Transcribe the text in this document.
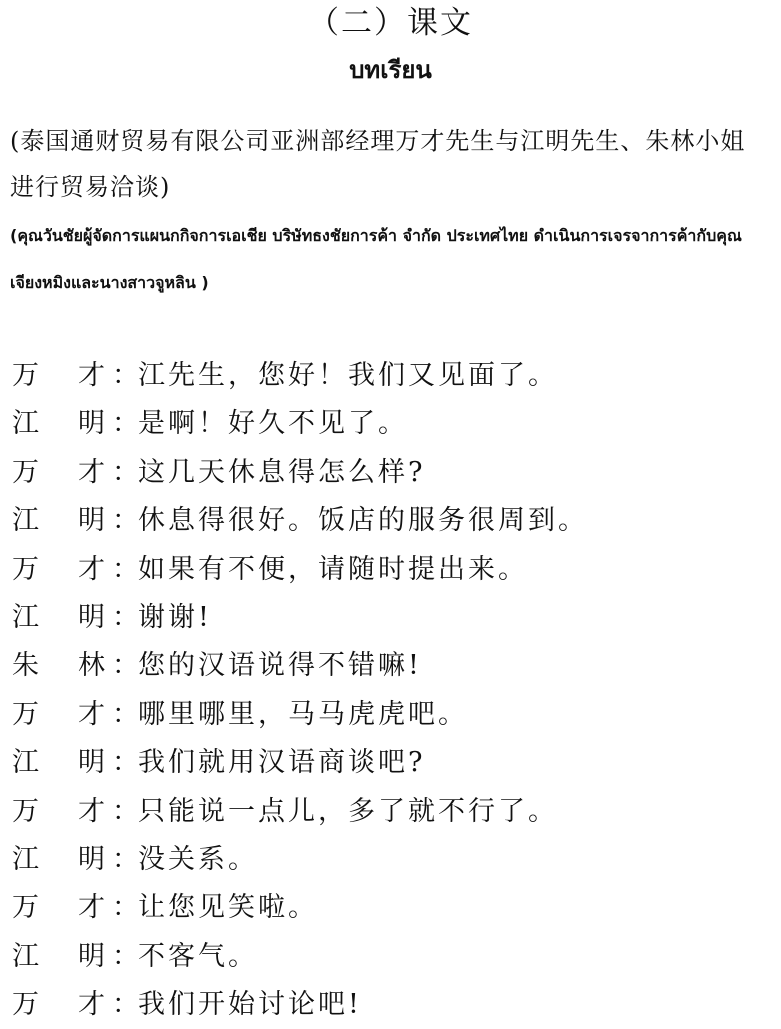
（二）课文
บทเรียน
(泰国通财贸易有限公司亚洲部经理万才先生与江明先生、朱林小姐进行贸易洽谈)
(คุณวันชัยผู้จัดการแผนกกิจการเอเชีย บริษัทธงชัยการค้า จำกัด ประเทศไทย ดำเนินการเจรจาการค้ากับคุณเจียงหมิงและนางสาวจูหลิน )
万 才 ： 江先生，您好！我们又见面了。
江 明 ： 是啊！好久不见了。
万 才 ： 这几天休息得怎么样?
江 明 ： 休息得很好。饭店的服务很周到。
万 才 ： 如果有不便，请随时提出来。
江 明 ： 谢谢!
朱 林 ： 您的汉语说得不错嘛!
万 才 ： 哪里哪里，马马虎虎吧。
江 明 ： 我们就用汉语商谈吧?
万 才 ： 只能说一点儿，多了就不行了。
江 明 ： 没关系。
万 才 ： 让您见笑啦。
江 明 ： 不客气。
万 才 ： 我们开始讨论吧!
